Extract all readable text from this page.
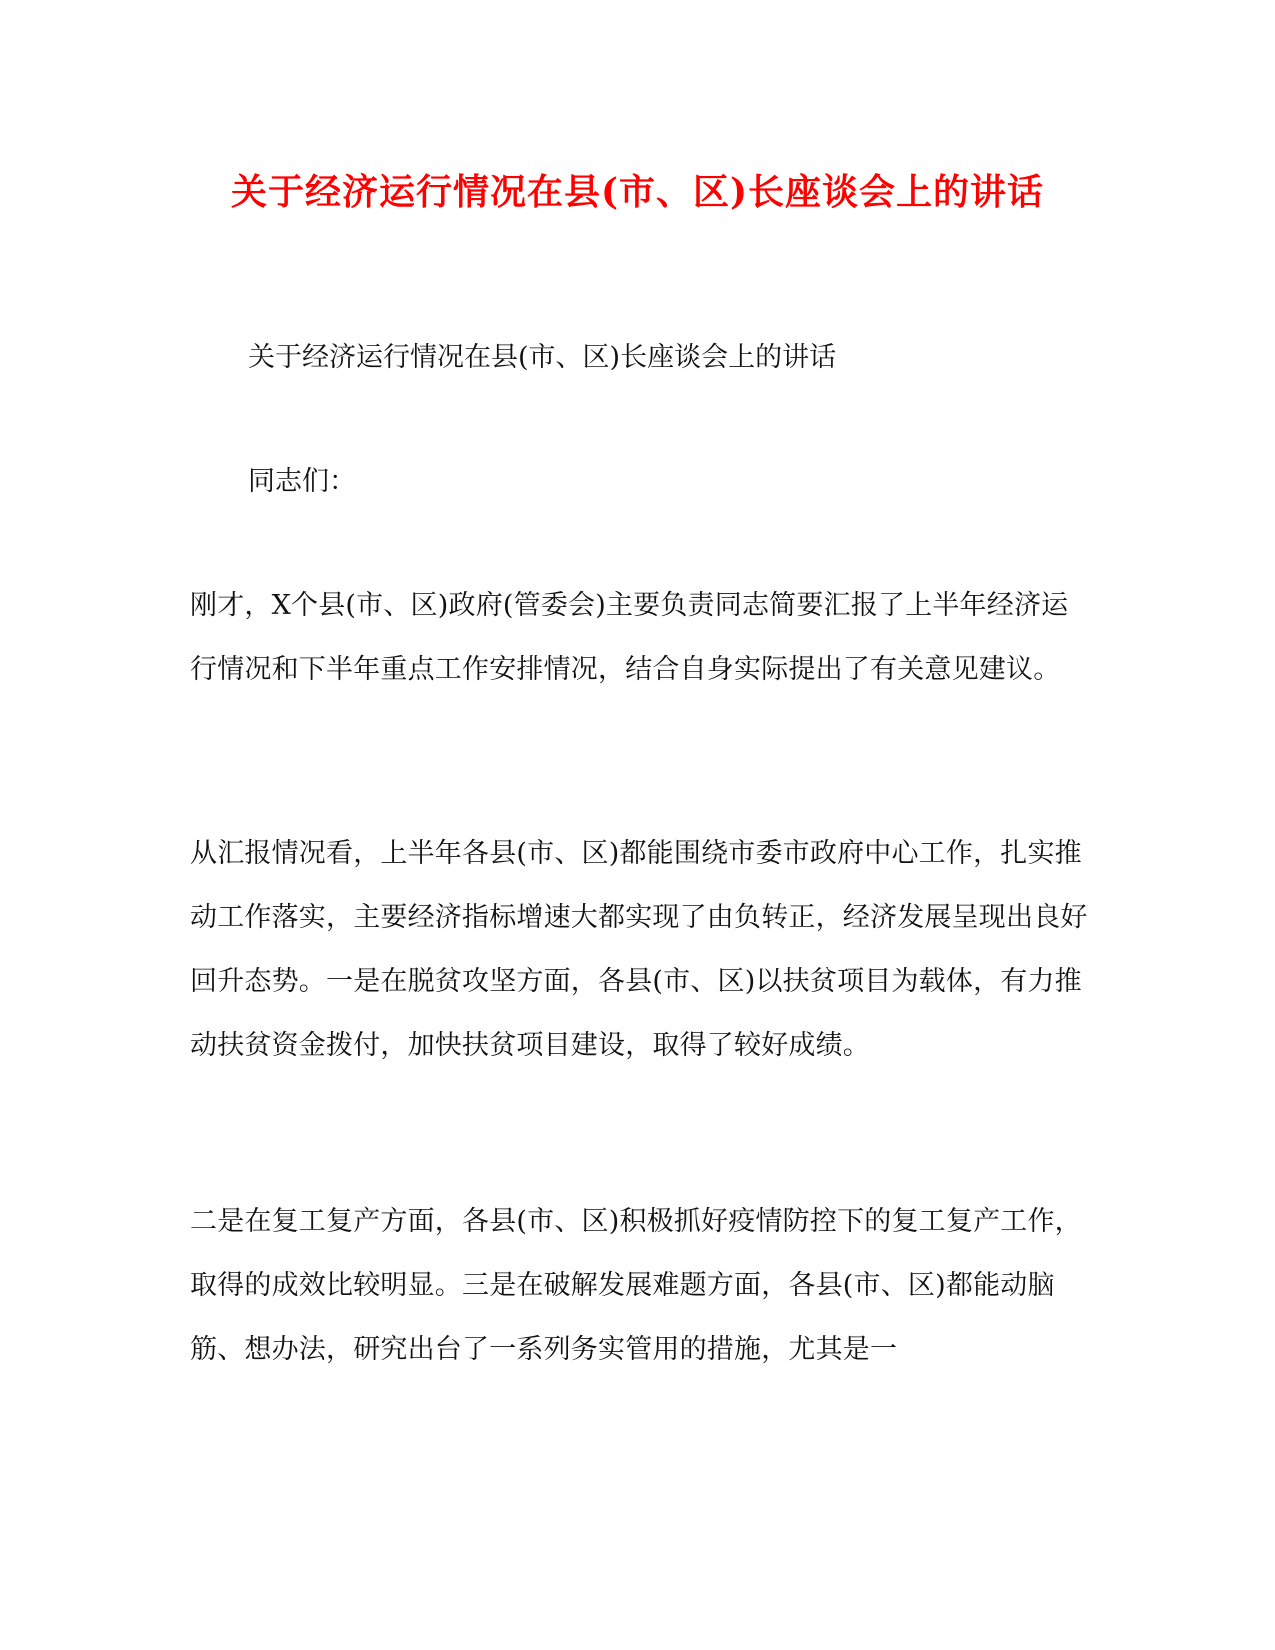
关于经济运行情况在县(市、区)长座谈会上的讲话
关于经济运行情况在县(市、区)长座谈会上的讲话
同志们：
刚才，X个县(市、区)政府(管委会)主要负责同志简要汇报了上半年经济运行情况和下半年重点工作安排情况，结合自身实际提出了有关意见建议。
从汇报情况看，上半年各县(市、区)都能围绕市委市政府中心工作，扎实推动工作落实，主要经济指标增速大都实现了由负转正，经济发展呈现出良好回升态势。一是在脱贫攻坚方面，各县(市、区)以扶贫项目为载体，有力推动扶贫资金拨付，加快扶贫项目建设，取得了较好成绩。
二是在复工复产方面，各县(市、区)积极抓好疫情防控下的复工复产工作，取得的成效比较明显。三是在破解发展难题方面，各县(市、区)都能动脑筋、想办法，研究出台了一系列务实管用的措施，尤其是一
